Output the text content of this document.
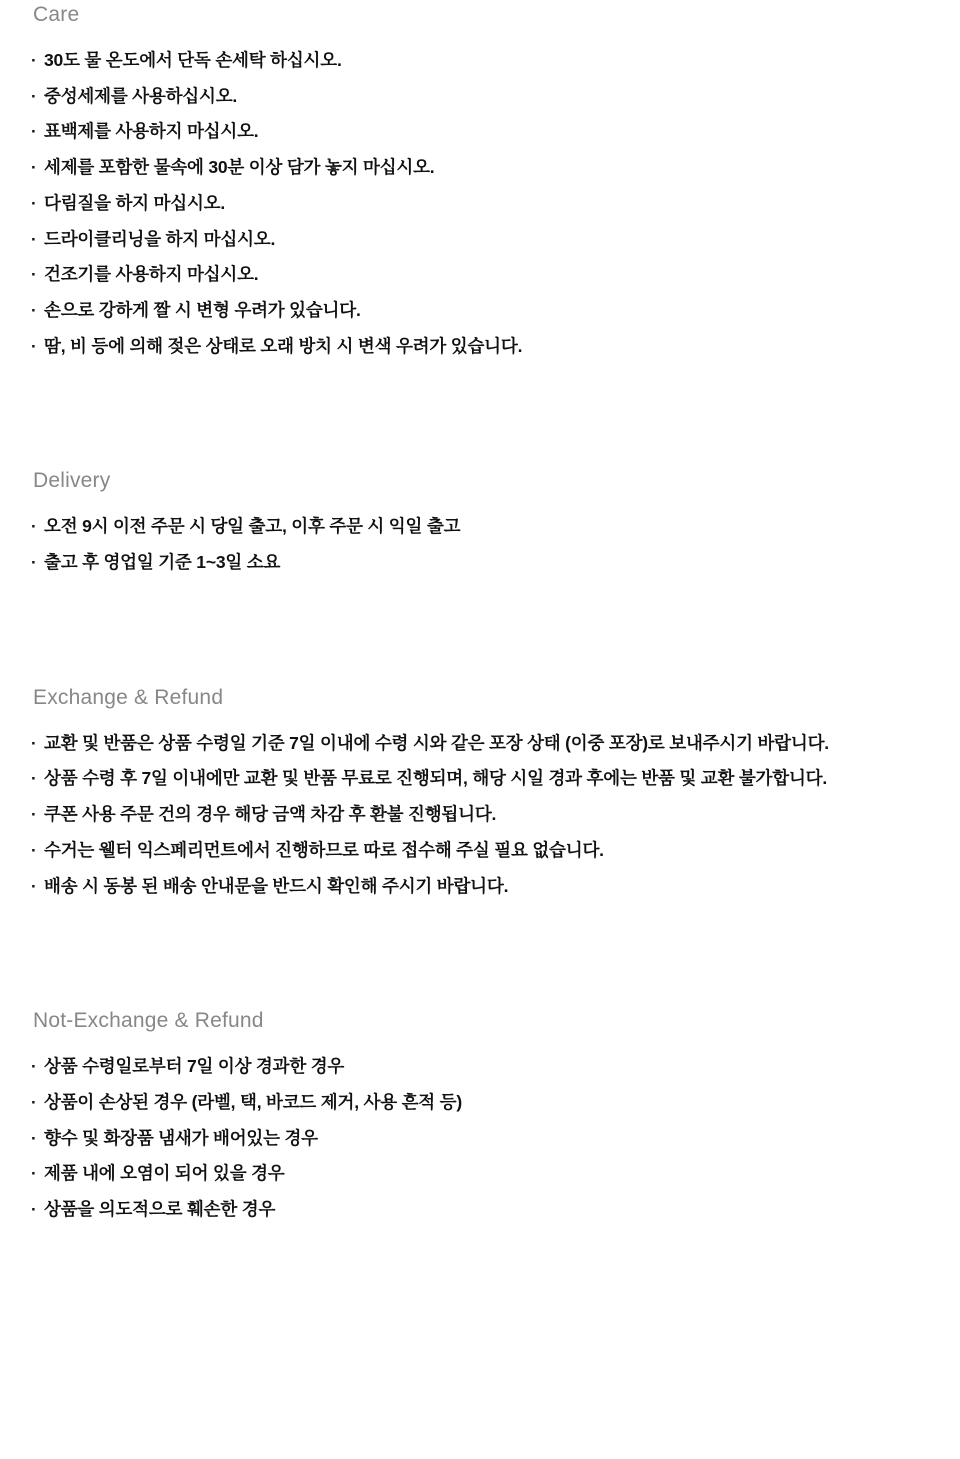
Care
· 30도 물 온도에서 단독 손세탁 하십시오.
· 중성세제를 사용하십시오.
· 표백제를 사용하지 마십시오.
· 세제를 포함한 물속에 30분 이상 담가 놓지 마십시오.
· 다림질을 하지 마십시오.
· 드라이클리닝을 하지 마십시오.
· 건조기를 사용하지 마십시오.
· 손으로 강하게 짤 시 변형 우려가 있습니다.
· 땀, 비 등에 의해 젖은 상태로 오래 방치 시 변색 우려가 있습니다.
Delivery
· 오전 9시 이전 주문 시 당일 출고, 이후 주문 시 익일 출고
· 출고 후 영업일 기준 1~3일 소요
Exchange & Refund
· 교환 및 반품은 상품 수령일 기준 7일 이내에 수령 시와 같은 포장 상태 (이중 포장)로 보내주시기 바랍니다.
· 상품 수령 후 7일 이내에만 교환 및 반품 무료로 진행되며, 해당 시일 경과 후에는 반품 및 교환 불가합니다.
· 쿠폰 사용 주문 건의 경우 해당 금액 차감 후 환불 진행됩니다.
· 수거는 웰터 익스페리먼트에서 진행하므로 따로 접수해 주실 필요 없습니다.
· 배송 시 동봉 된 배송 안내문을 반드시 확인해 주시기 바랍니다.
Not-Exchange & Refund
· 상품 수령일로부터 7일 이상 경과한 경우
· 상품이 손상된 경우 (라벨, 택, 바코드 제거, 사용 흔적 등)
· 향수 및 화장품 냄새가 배어있는 경우
· 제품 내에 오염이 되어 있을 경우
· 상품을 의도적으로 훼손한 경우
